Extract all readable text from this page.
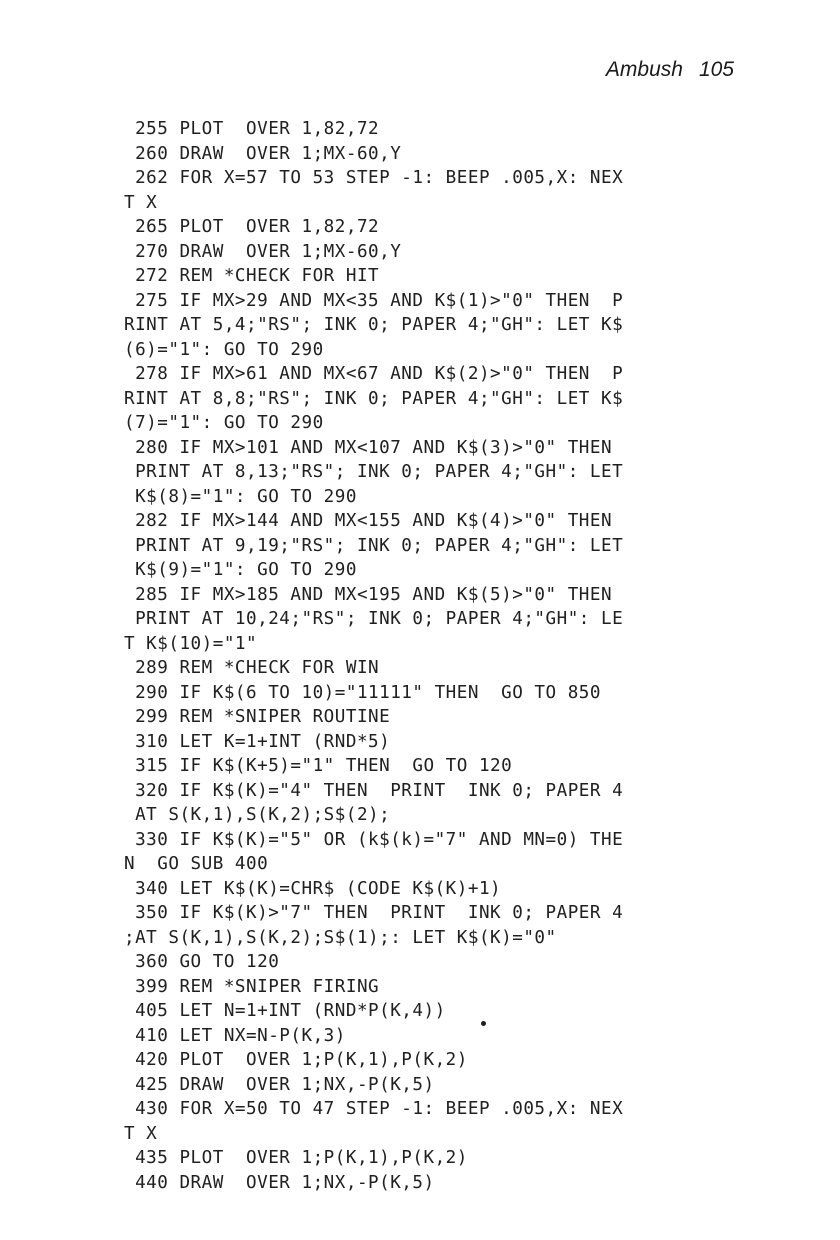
Ambush 105
255 PLOT  OVER 1,82,72
260 DRAW  OVER 1;MX-60,Y
262 FOR X=57 TO 53 STEP -1: BEEP .005,X: NEX
T X
265 PLOT  OVER 1,82,72
270 DRAW  OVER 1;MX-60,Y
272 REM *CHECK FOR HIT
275 IF MX>29 AND MX<35 AND K$(1)>"0" THEN  P
RINT AT 5,4;"RS"; INK 0; PAPER 4;"GH": LET K$
(6)="1": GO TO 290
278 IF MX>61 AND MX<67 AND K$(2)>"0" THEN  P
RINT AT 8,8;"RS"; INK 0; PAPER 4;"GH": LET K$
(7)="1": GO TO 290
280 IF MX>101 AND MX<107 AND K$(3)>"0" THEN
PRINT AT 8,13;"RS"; INK 0; PAPER 4;"GH": LET
K$(8)="1": GO TO 290
282 IF MX>144 AND MX<155 AND K$(4)>"0" THEN
PRINT AT 9,19;"RS"; INK 0; PAPER 4;"GH": LET
K$(9)="1": GO TO 290
285 IF MX>185 AND MX<195 AND K$(5)>"0" THEN
PRINT AT 10,24;"RS"; INK 0; PAPER 4;"GH": LE
T K$(10)="1"
289 REM *CHECK FOR WIN
290 IF K$(6 TO 10)="11111" THEN  GO TO 850
299 REM *SNIPER ROUTINE
310 LET K=1+INT (RND*5)
315 IF K$(K+5)="1" THEN  GO TO 120
320 IF K$(K)="4" THEN  PRINT  INK 0; PAPER 4
AT S(K,1),S(K,2);S$(2);
330 IF K$(K)="5" OR (k$(k)="7" AND MN=0) THE
N  GO SUB 400
340 LET K$(K)=CHR$ (CODE K$(K)+1)
350 IF K$(K)>"7" THEN  PRINT  INK 0; PAPER 4
;AT S(K,1),S(K,2);S$(1);: LET K$(K)="0"
360 GO TO 120
399 REM *SNIPER FIRING
405 LET N=1+INT (RND*P(K,4))
410 LET NX=N-P(K,3)
420 PLOT  OVER 1;P(K,1),P(K,2)
425 DRAW  OVER 1;NX,-P(K,5)
430 FOR X=50 TO 47 STEP -1: BEEP .005,X: NEX
T X
435 PLOT  OVER 1;P(K,1),P(K,2)
440 DRAW  OVER 1;NX,-P(K,5)
